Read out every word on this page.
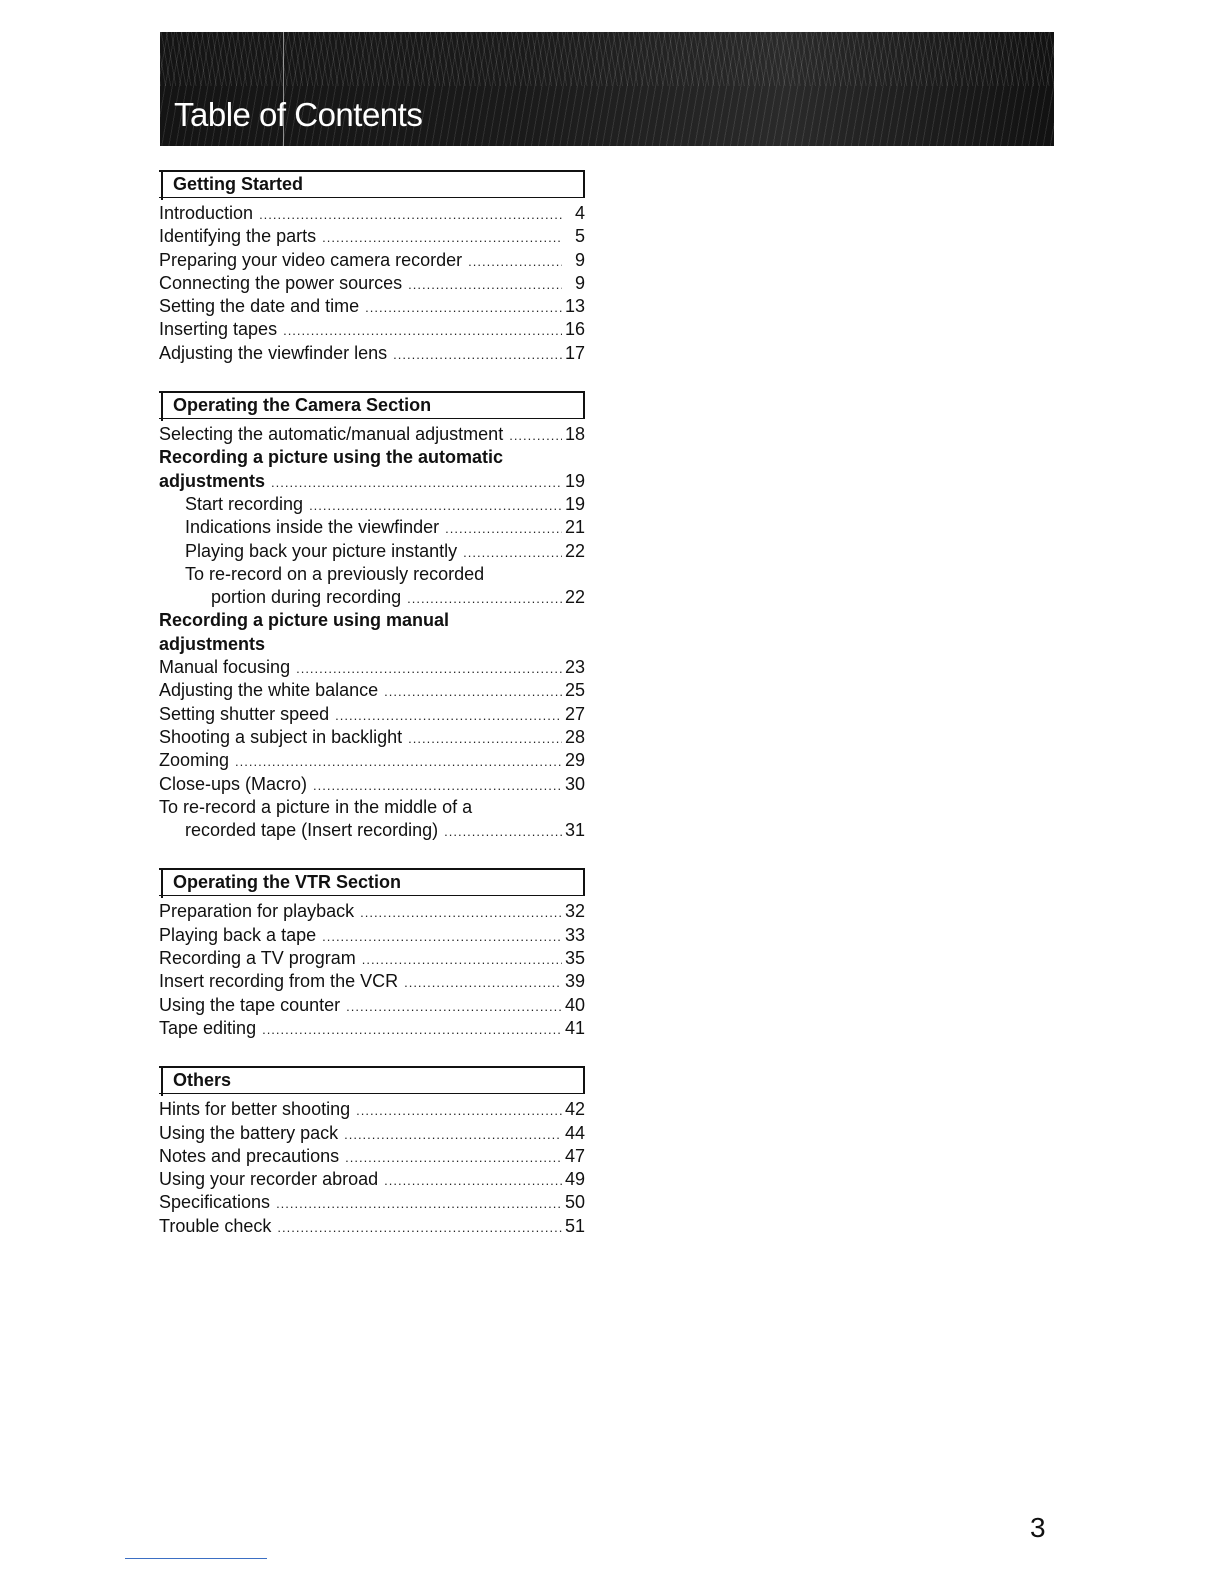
Table of Contents
Getting Started
Introduction .....	4
Identifying the parts .....	5
Preparing your video camera recorder .....	9
Connecting the power sources .....	9
Setting the date and time .....	13
Inserting tapes .....	16
Adjusting the viewfinder lens .....	17
Operating the Camera Section
Selecting the automatic/manual adjustment .....	18
Recording a picture using the automatic
adjustments .....	19
Start recording .....	19
Indications inside the viewfinder .....	21
Playing back your picture instantly .....	22
To re-record on a previously recorded
portion during recording .....	22
Recording a picture using manual
adjustments
Manual focusing .....	23
Adjusting the white balance .....	25
Setting shutter speed .....	27
Shooting a subject in backlight .....	28
Zooming .....	29
Close-ups (Macro) .....	30
To re-record a picture in the middle of a
recorded tape (Insert recording) .....	31
Operating the VTR Section
Preparation for playback .....	32
Playing back a tape .....	33
Recording a TV program .....	35
Insert recording from the VCR .....	39
Using the tape counter .....	40
Tape editing .....	41
Others
Hints for better shooting .....	42
Using the battery pack .....	44
Notes and precautions .....	47
Using your recorder abroad .....	49
Specifications .....	50
Trouble check .....	51
3
